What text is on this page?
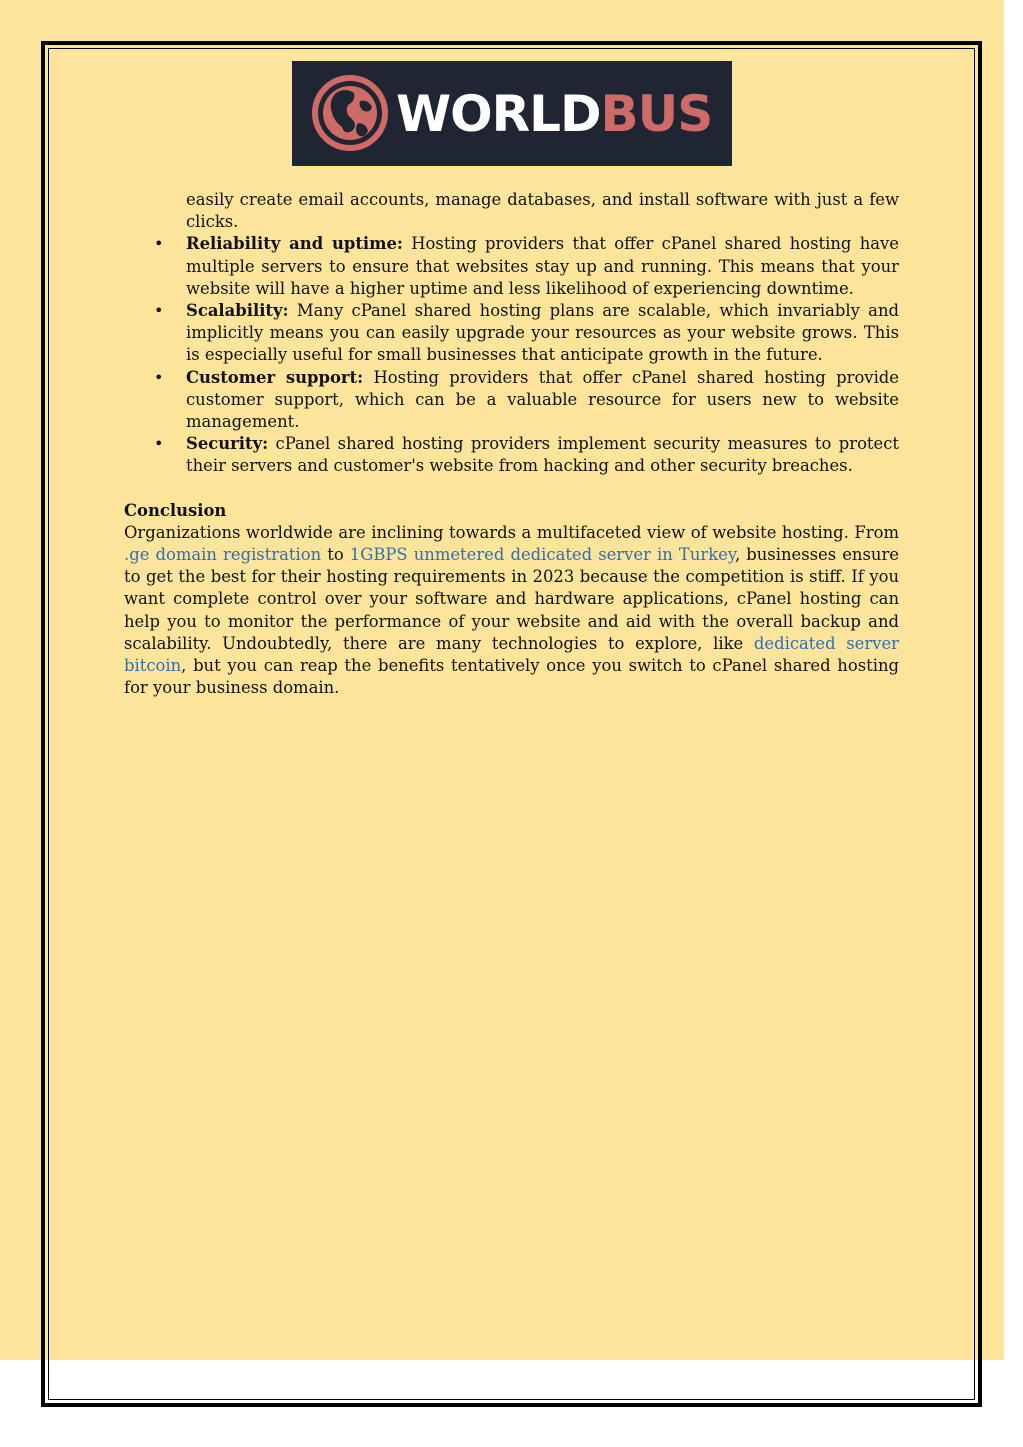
WORLDBUS

easily create email accounts, manage databases, and install software with just a few clicks.

• Reliability and uptime: Hosting providers that offer cPanel shared hosting have multiple servers to ensure that websites stay up and running. This means that your website will have a higher uptime and less likelihood of experiencing downtime.
• Scalability: Many cPanel shared hosting plans are scalable, which invariably and implicitly means you can easily upgrade your resources as your website grows. This is especially useful for small businesses that anticipate growth in the future.
• Customer support: Hosting providers that offer cPanel shared hosting provide customer support, which can be a valuable resource for users new to website management.
• Security: cPanel shared hosting providers implement security measures to protect their servers and customer's website from hacking and other security breaches.

Conclusion

Organizations worldwide are inclining towards a multifaceted view of website hosting. From .ge domain registration to 1GBPS unmetered dedicated server in Turkey, businesses ensure to get the best for their hosting requirements in 2023 because the competition is stiff. If you want complete control over your software and hardware applications, cPanel hosting can help you to monitor the performance of your website and aid with the overall backup and scalability. Undoubtedly, there are many technologies to explore, like dedicated server bitcoin, but you can reap the benefits tentatively once you switch to cPanel shared hosting for your business domain.
